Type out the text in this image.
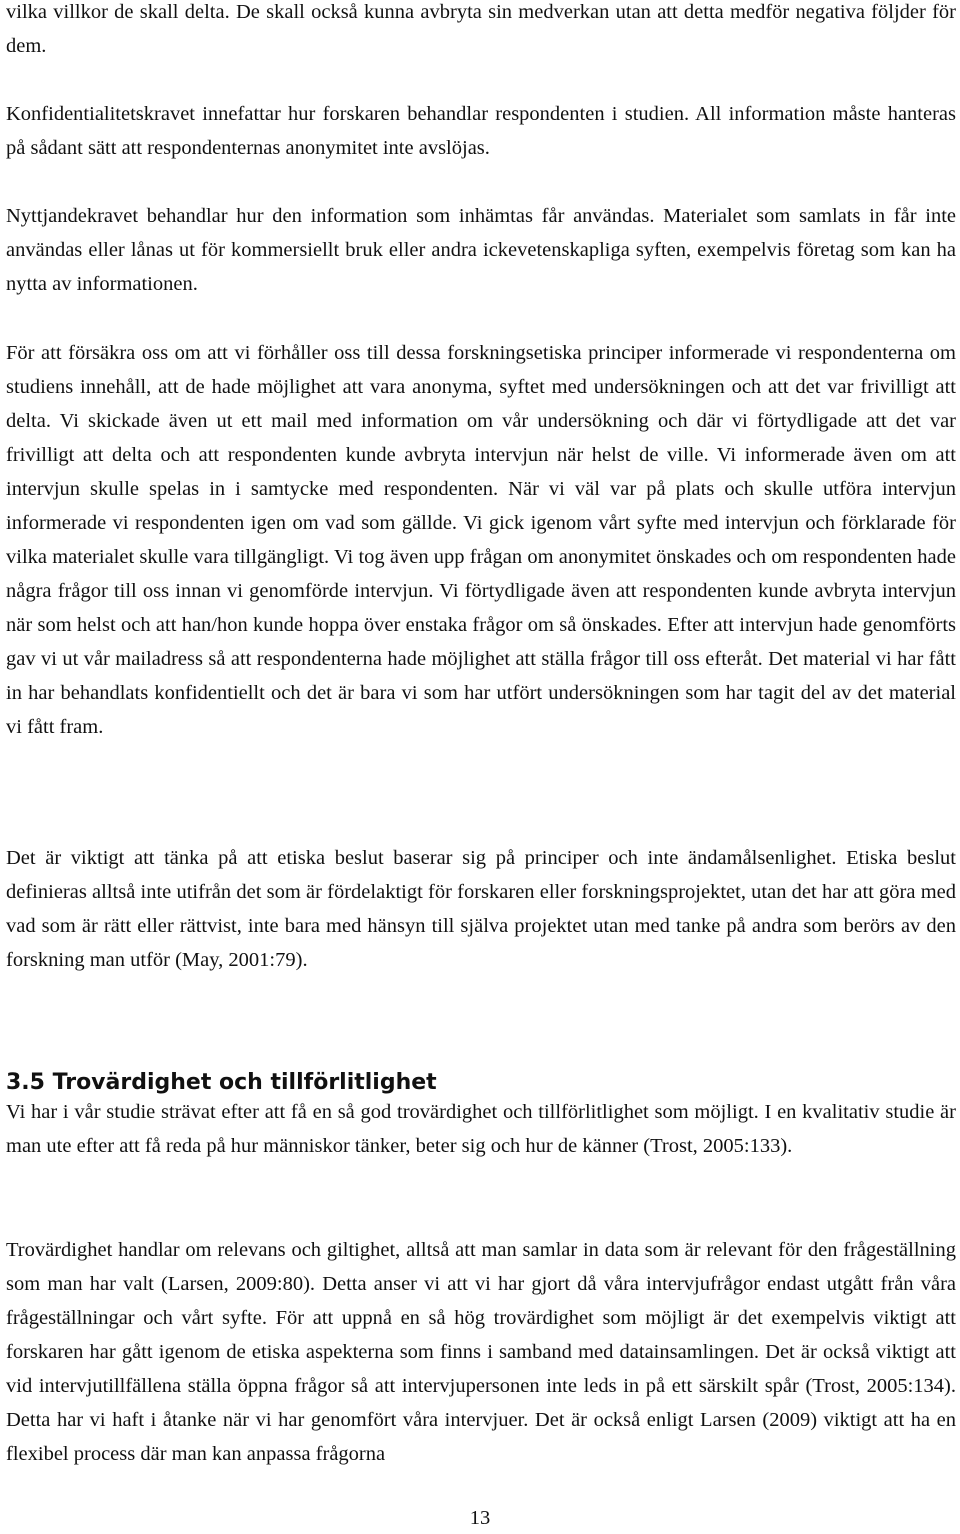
vilka villkor de skall delta. De skall också kunna avbryta sin medverkan utan att detta medför negativa följder för dem.

Konfidentialitetskravet innefattar hur forskaren behandlar respondenten i studien. All information måste hanteras på sådant sätt att respondenternas anonymitet inte avslöjas.

Nyttjandekravet behandlar hur den information som inhämtas får användas. Materialet som samlats in får inte användas eller lånas ut för kommersiellt bruk eller andra ickevetenskapliga syften, exempelvis företag som kan ha nytta av informationen.

För att försäkra oss om att vi förhåller oss till dessa forskningsetiska principer informerade vi respondenterna om studiens innehåll, att de hade möjlighet att vara anonyma, syftet med undersökningen och att det var frivilligt att delta. Vi skickade även ut ett mail med information om vår undersökning och där vi förtydligade att det var frivilligt att delta och att respondenten kunde avbryta intervjun när helst de ville. Vi informerade även om att intervjun skulle spelas in i samtycke med respondenten. När vi väl var på plats och skulle utföra intervjun informerade vi respondenten igen om vad som gällde. Vi gick igenom vårt syfte med intervjun och förklarade för vilka materialet skulle vara tillgängligt. Vi tog även upp frågan om anonymitet önskades och om respondenten hade några frågor till oss innan vi genomförde intervjun. Vi förtydligade även att respondenten kunde avbryta intervjun när som helst och att han/hon kunde hoppa över enstaka frågor om så önskades. Efter att intervjun hade genomförts gav vi ut vår mailadress så att respondenterna hade möjlighet att ställa frågor till oss efteråt. Det material vi har fått in har behandlats konfidentiellt och det är bara vi som har utfört undersökningen som har tagit del av det material vi fått fram.

Det är viktigt att tänka på att etiska beslut baserar sig på principer och inte ändamålsenlighet. Etiska beslut definieras alltså inte utifrån det som är fördelaktigt för forskaren eller forskningsprojektet, utan det har att göra med vad som är rätt eller rättvist, inte bara med hänsyn till själva projektet utan med tanke på andra som berörs av den forskning man utför (May, 2001:79).

3.5 Trovärdighet och tillförlitlighet

Vi har i vår studie strävat efter att få en så god trovärdighet och tillförlitlighet som möjligt. I en kvalitativ studie är man ute efter att få reda på hur människor tänker, beter sig och hur de känner (Trost, 2005:133).

Trovärdighet handlar om relevans och giltighet, alltså att man samlar in data som är relevant för den frågeställning som man har valt (Larsen, 2009:80). Detta anser vi att vi har gjort då våra intervjufrågor endast utgått från våra frågeställningar och vårt syfte. För att uppnå en så hög trovärdighet som möjligt är det exempelvis viktigt att forskaren har gått igenom de etiska aspekterna som finns i samband med datainsamlingen. Det är också viktigt att vid intervjutillfällena ställa öppna frågor så att intervjupersonen inte leds in på ett särskilt spår (Trost, 2005:134). Detta har vi haft i åtanke när vi har genomfört våra intervjuer. Det är också enligt Larsen (2009) viktigt att ha en flexibel process där man kan anpassa frågorna

13
